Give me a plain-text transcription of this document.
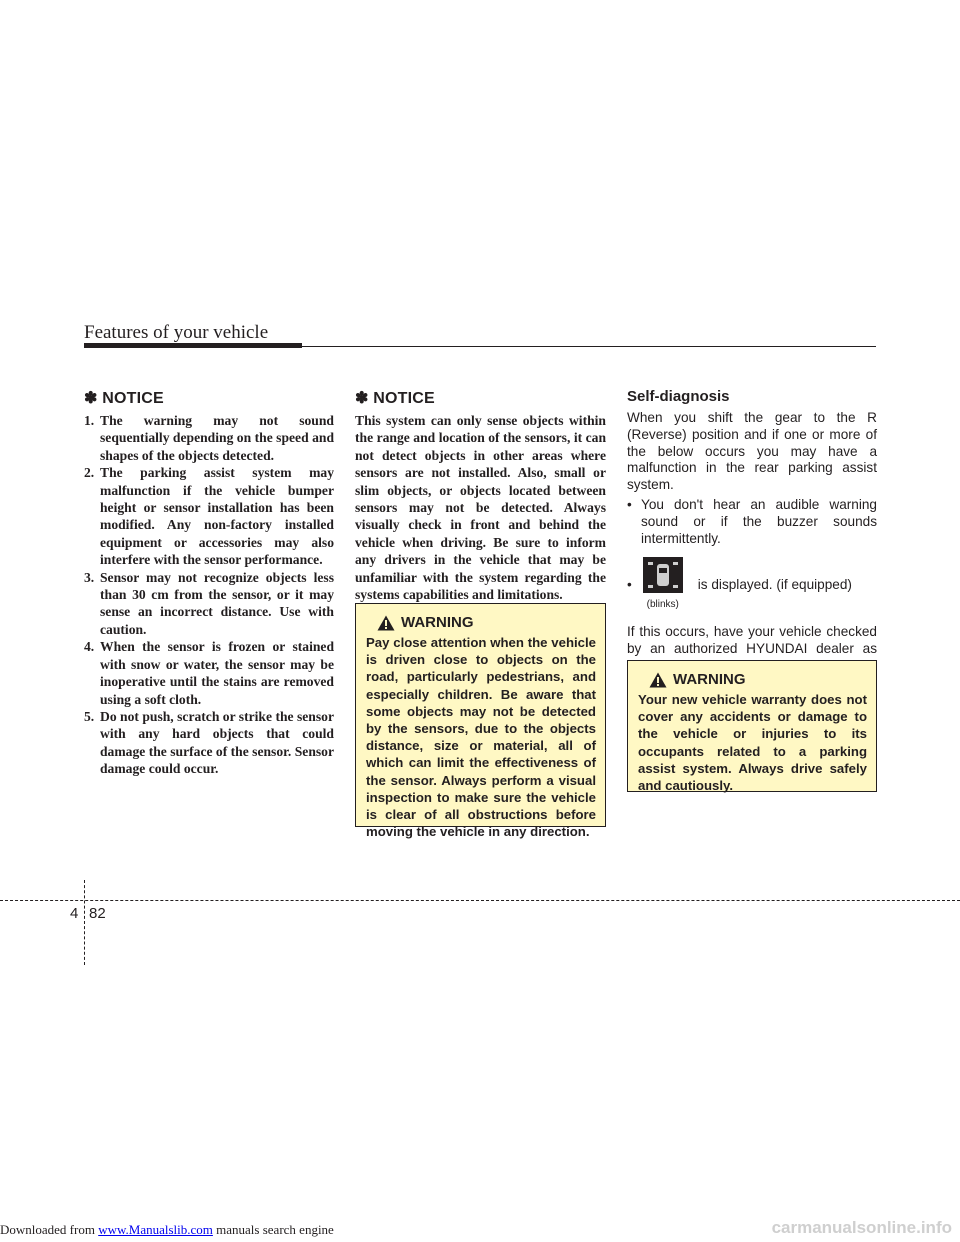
Features of your vehicle
✽ NOTICE
1. The warning may not sound sequentially depending on the speed and shapes of the objects detected.
2. The parking assist system may malfunction if the vehicle bumper height or sensor installation has been modified. Any non-factory installed equipment or accessories may also interfere with the sensor performance.
3. Sensor may not recognize objects less than 30 cm from the sensor, or it may sense an incorrect distance. Use with caution.
4. When the sensor is frozen or stained with snow or water, the sensor may be inoperative until the stains are removed using a soft cloth.
5. Do not push, scratch or strike the sensor with any hard objects that could damage the surface of the sensor. Sensor damage could occur.
✽ NOTICE
This system can only sense objects within the range and location of the sensors, it can not detect objects in other areas where sensors are not installed. Also, small or slim objects, or objects located between sensors may not be detected. Always visually check in front and behind the vehicle when driving. Be sure to inform any drivers in the vehicle that may be unfamiliar with the system regarding the systems capabilities and limitations.
WARNING
Pay close attention when the vehicle is driven close to objects on the road, particularly pedestrians, and especially children. Be aware that some objects may not be detected by the sensors, due to the objects distance, size or material, all of which can limit the effectiveness of the sensor. Always perform a visual inspection to make sure the vehicle is clear of all obstructions before moving the vehicle in any direction.
Self-diagnosis
When you shift the gear to the R (Reverse) position and if one or more of the below occurs you may have a malfunction in the rear parking assist system.
• You don't hear an audible warning sound or if the buzzer sounds intermittently.
•
(blinks)
is displayed. (if equipped)
If this occurs, have your vehicle checked by an authorized HYUNDAI dealer as
WARNING
Your new vehicle warranty does not cover any accidents or damage to the vehicle or injuries to its occupants related to a parking assist system. Always drive safely and cautiously.
4 82
Downloaded from www.Manualslib.com manuals search engine	carmanualsonline.info
